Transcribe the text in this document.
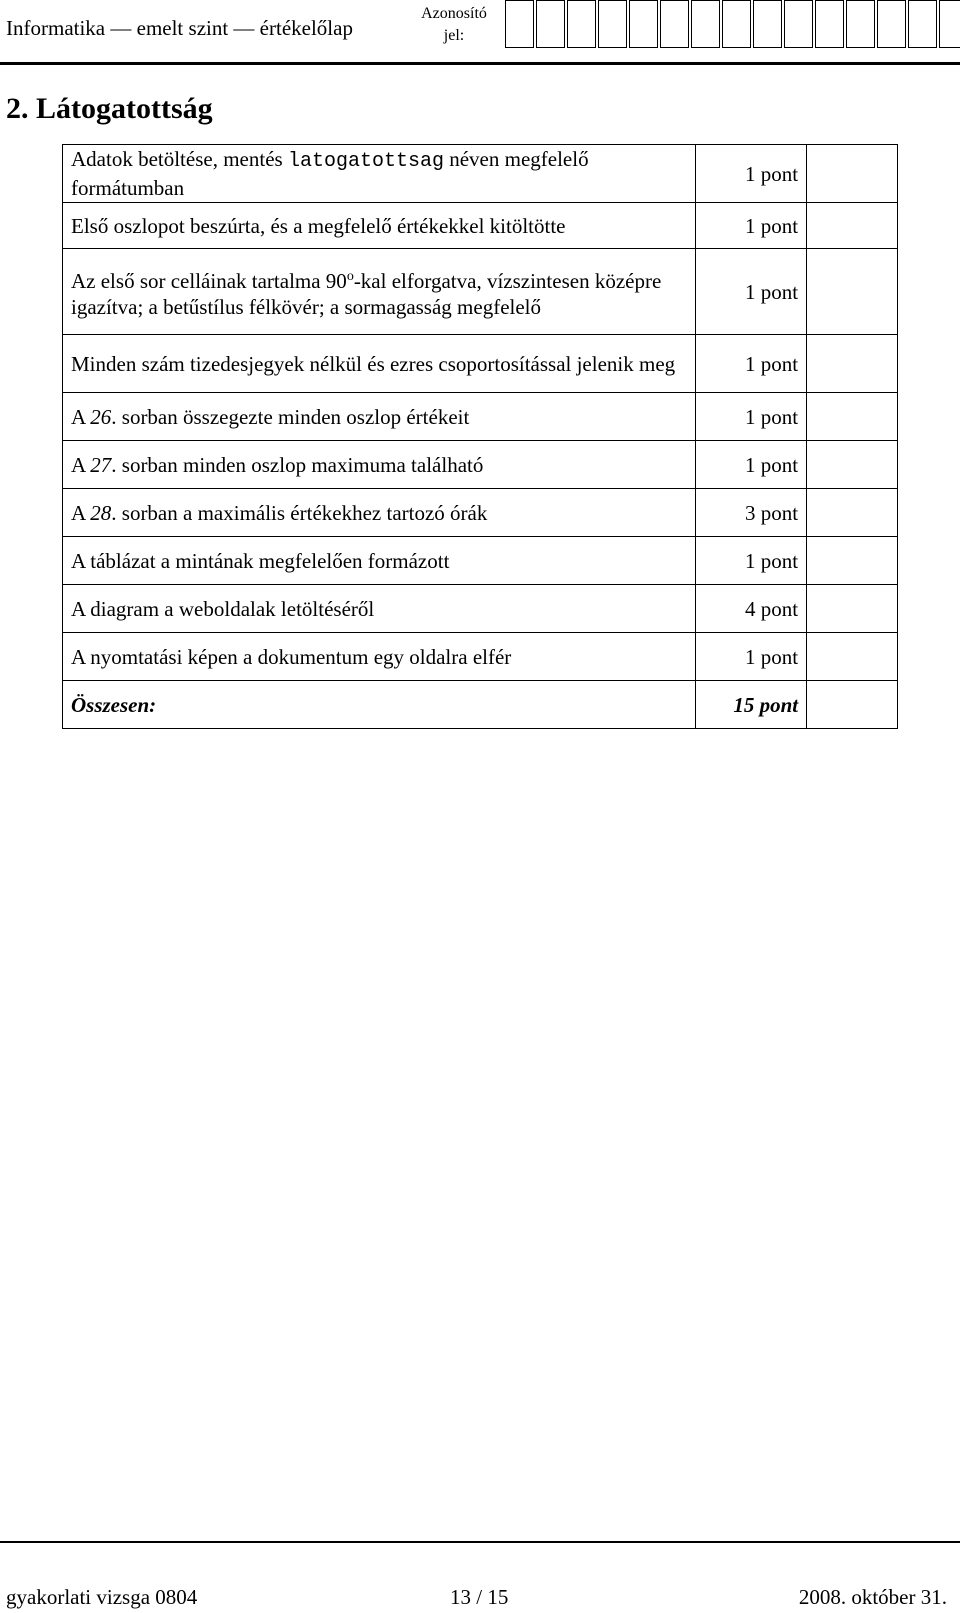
Informatika — emelt szint — értékelőlap
Azonosító jel:
2. Látogatottság
Adatok betöltése, mentés latogatottsag néven megfelelő formátumban	1 pont	
Első oszlopot beszúrta, és a megfelelő értékekkel kitöltötte	1 pont	
Az első sor celláinak tartalma 90$^o$-kal elforgatva, vízszintesen középre igazítva; a betűstílus félkövér; a sormagasság megfelelő	1 pont	
Minden szám tizedesjegyek nélkül és ezres csoportosítással jelenik meg	1 pont	
A 26. sorban összegezte minden oszlop értékeit	1 pont	
A 27. sorban minden oszlop maximuma található	1 pont	
A 28. sorban a maximális értékekhez tartozó órák	3 pont	
A táblázat a mintának megfelelően formázott	1 pont	
A diagram a weboldalak letöltéséről	4 pont	
A nyomtatási képen a dokumentum egy oldalra elfér	1 pont	
Összesen:	15 pont	
gyakorlati vizsga 0804	13 / 15	2008. október 31.
